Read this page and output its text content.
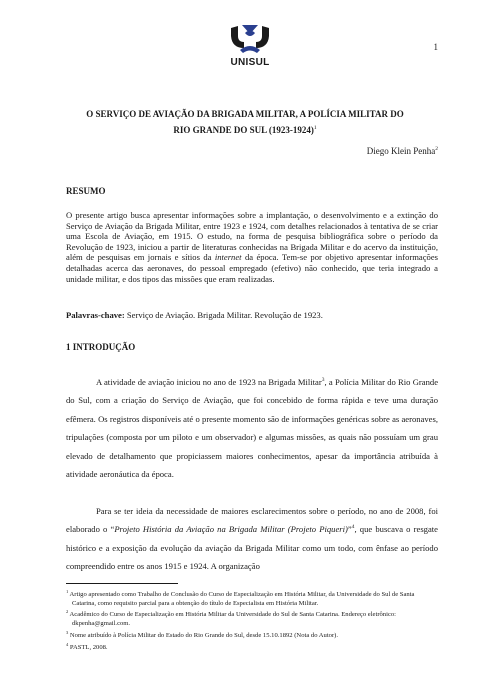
UNISUL
1
O SERVIÇO DE AVIAÇÃO DA BRIGADA MILITAR, A POLÍCIA MILITAR DO
RIO GRANDE DO SUL (1923-1924)$^1$
Diego Klein Penha$^2$
RESUMO

O presente artigo busca apresentar informações sobre a implantação, o desenvolvimento e a extinção do Serviço de Aviação da Brigada Militar, entre 1923 e 1924, com detalhes relacionados à tentativa de se criar uma Escola de Aviação, em 1915. O estudo, na forma de pesquisa bibliográfica sobre o período da Revolução de 1923, iniciou a partir de literaturas conhecidas na Brigada Militar e do acervo da instituição, além de pesquisas em jornais e sítios da internet da época. Tem-se por objetivo apresentar informações detalhadas acerca das aeronaves, do pessoal empregado (efetivo) não conhecido, que teria integrado a unidade militar, e dos tipos das missões que eram realizadas.

Palavras-chave: Serviço de Aviação. Brigada Militar. Revolução de 1923.
1 INTRODUÇÃO

A atividade de aviação iniciou no ano de 1923 na Brigada Militar$^3$, a Polícia Militar do Rio Grande do Sul, com a criação do Serviço de Aviação, que foi concebido de forma rápida e teve uma duração efêmera. Os registros disponíveis até o presente momento são de informações genéricas sobre as aeronaves, tripulações (composta por um piloto e um observador) e algumas missões, as quais não possuíam um grau elevado de detalhamento que propiciassem maiores conhecimentos, apesar da importância atribuída à atividade aeronáutica da época.

Para se ter ideia da necessidade de maiores esclarecimentos sobre o período, no ano de 2008, foi elaborado o “Projeto História da Aviação na Brigada Militar (Projeto Piqueri)”$^4$, que buscava o resgate histórico e a exposição da evolução da aviação da Brigada Militar como um todo, com ênfase ao período compreendido entre os anos 1915 e 1924. A organização

$^1$ Artigo apresentado como Trabalho de Conclusão do Curso de Especialização em História Militar, da Universidade do Sul de Santa Catarina, como requisito parcial para a obtenção do título de Especialista em História Militar.
$^2$ Acadêmico do Curso de Especialização em História Militar da Universidade do Sul de Santa Catarina. Endereço eletrônico: dkpenha@gmail.com.
$^3$ Nome atribuído à Polícia Militar do Estado do Rio Grande do Sul, desde 15.10.1892 (Nota do Autor).
$^4$ PASTL, 2008.
